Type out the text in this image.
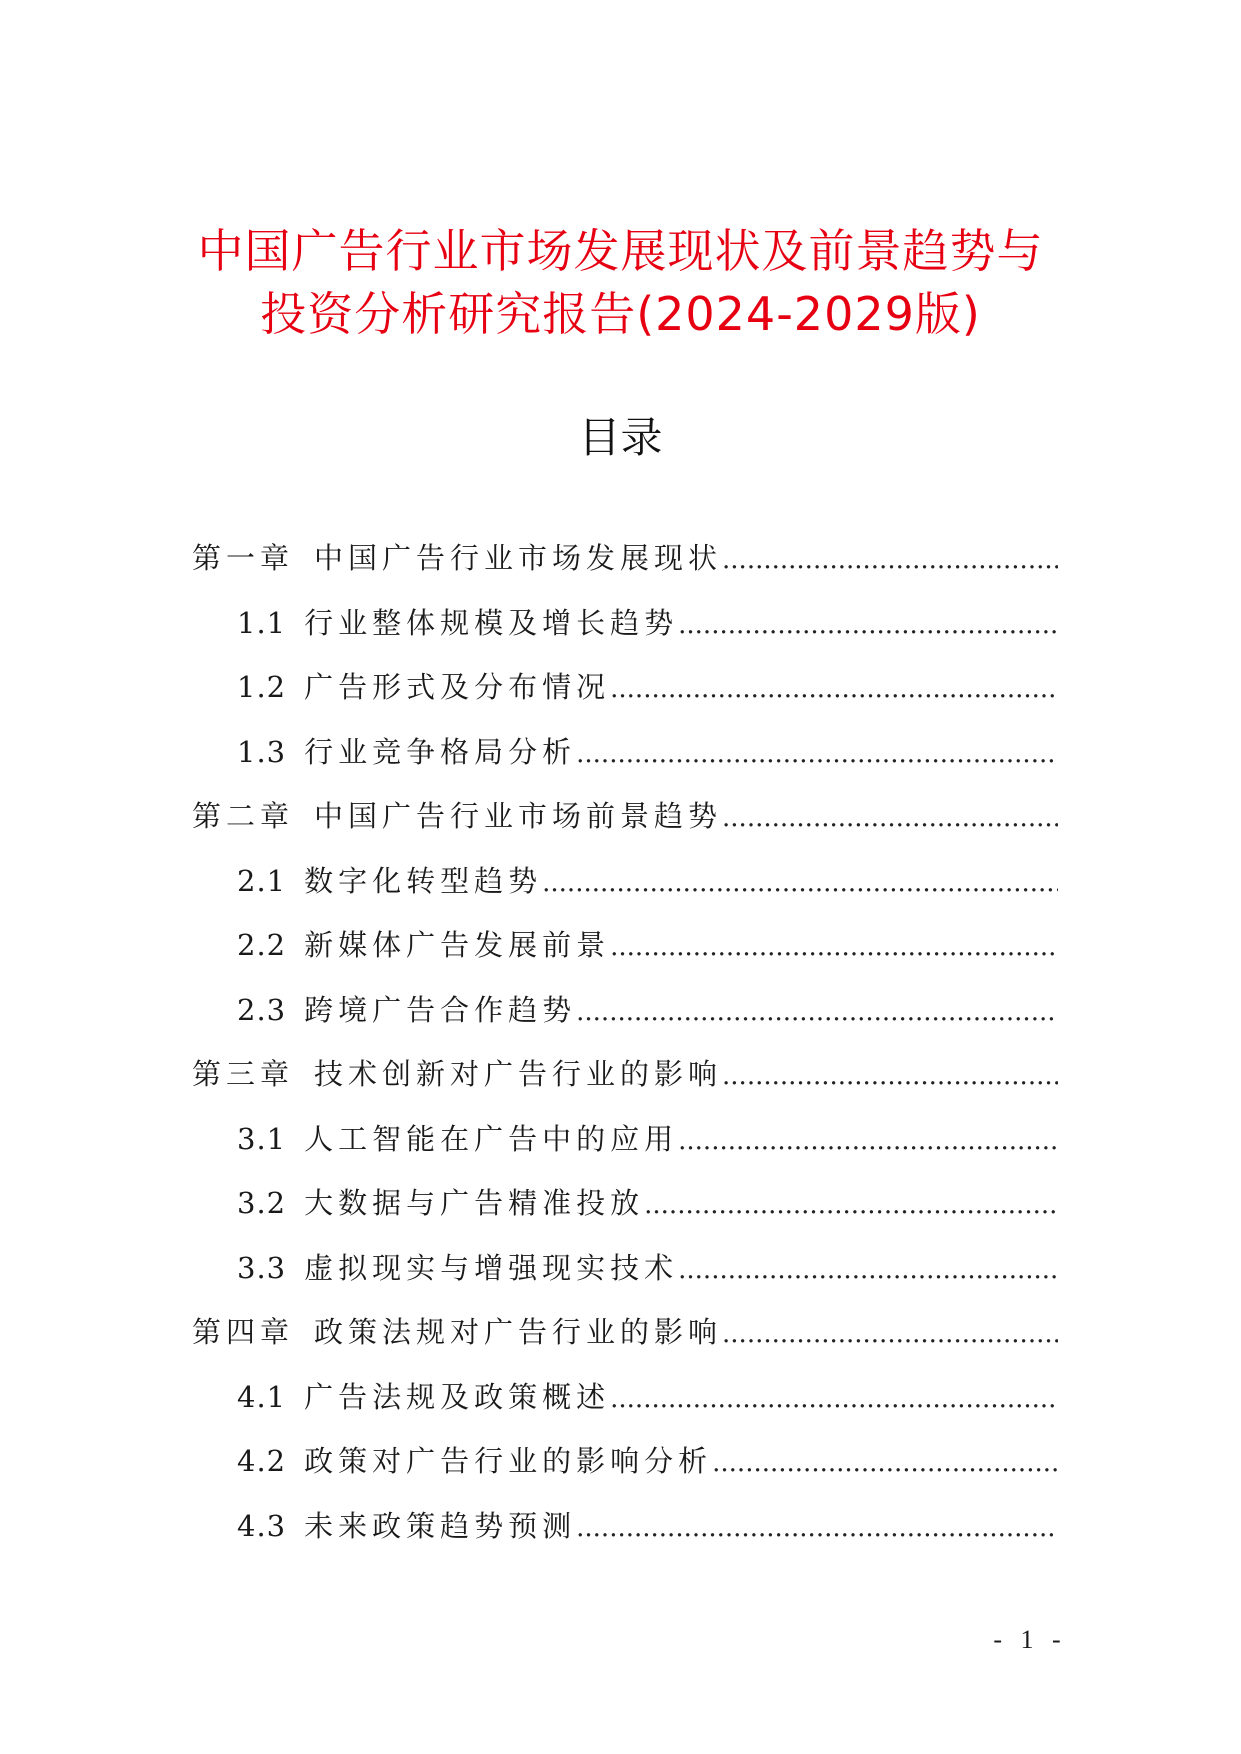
中国广告行业市场发展现状及前景趋势与
投资分析研究报告(2024-2029版)
目录
第一章 中国广告行业市场发展现状
.....
1.1 行业整体规模及增长趋势
.....
1.2 广告形式及分布情况
.....
1.3 行业竞争格局分析
.....
第二章 中国广告行业市场前景趋势
.....
2.1 数字化转型趋势
.....
2.2 新媒体广告发展前景
.....
2.3 跨境广告合作趋势
.....
第三章 技术创新对广告行业的影响
.....
3.1 人工智能在广告中的应用
.....
3.2 大数据与广告精准投放
.....
3.3 虚拟现实与增强现实技术
.....
第四章 政策法规对广告行业的影响
.....
4.1 广告法规及政策概述
.....
4.2 政策对广告行业的影响分析
.....
4.3 未来政策趋势预测
.....
- 1 -
